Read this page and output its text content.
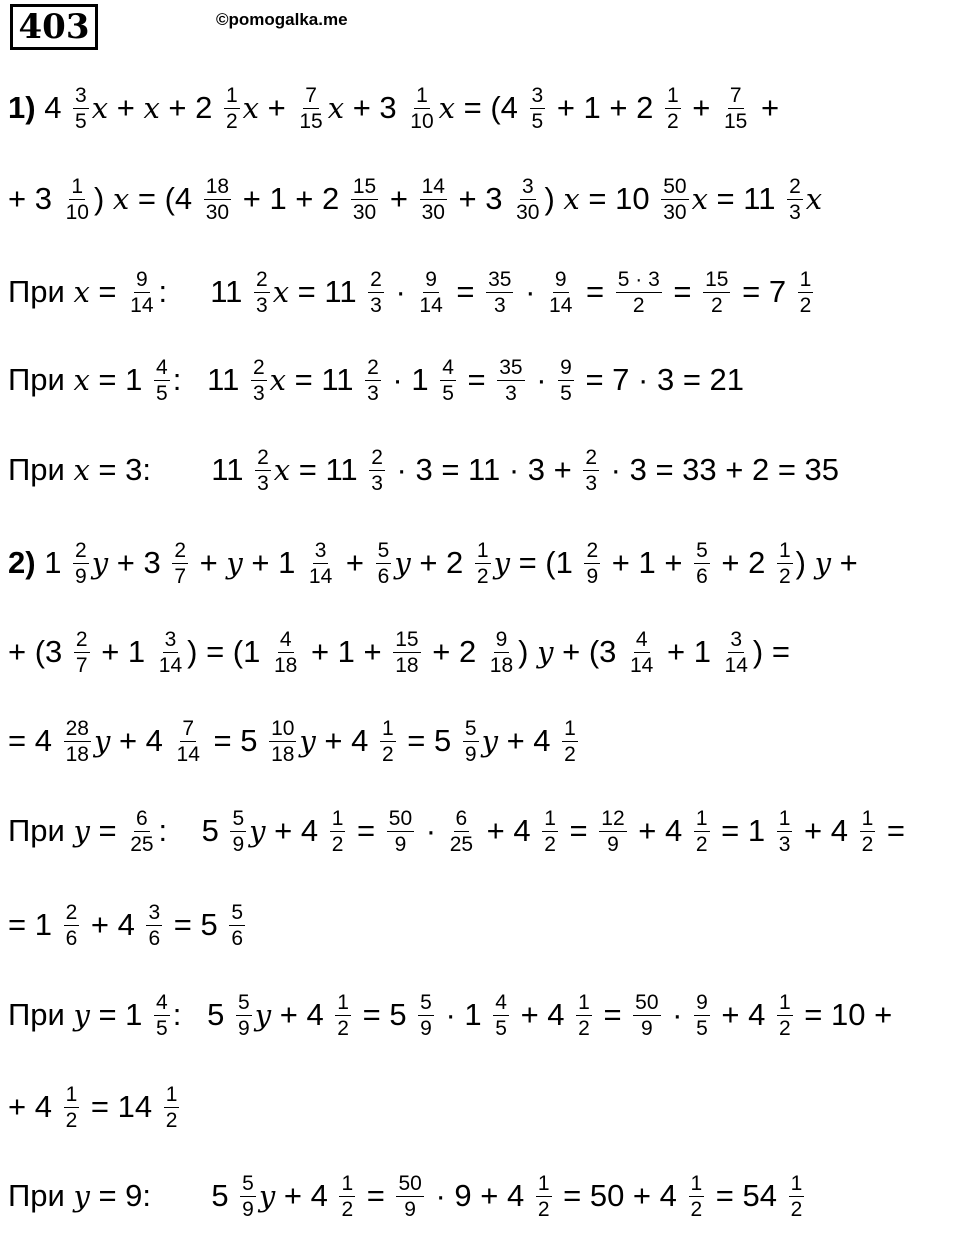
403	©pomogalka.me
1) $4 \frac{3}{5}$ $x + x + 2 \frac{1}{2}$ $x + \frac{7}{15}$ $x + 3 \frac{1}{10}$ $x = (4 \frac{3}{5} + 1 + 2 \frac{1}{2} + \frac{7}{15}$ +
+ $3 \frac{1}{10}$ ) $x = (4 \frac{18}{30} + 1 + 2 \frac{15}{30} + \frac{14}{30} + 3 \frac{3}{30}$ ) $x = 10 \frac{50}{30}$ $x = 11 \frac{2}{3}$ x
При $x = \frac{9}{14}$ :     $11 \frac{2}{3}$ $x = 11 \frac{2}{3} \cdot \frac{9}{14} = \frac{35}{3} \cdot \frac{9}{14} = \frac{5 \cdot 3}{2} = \frac{15}{2} = 7 \frac{1}{2}$
При $x = 1 \frac{4}{5}$ :   $11 \frac{2}{3}$ $x = 11 \frac{2}{3} \cdot 1 \frac{4}{5} = \frac{35}{3} \cdot \frac{9}{5} = 7 \cdot 3 = 21$
При x = 3:       $11 \frac{2}{3}$ $x = 11 \frac{2}{3} \cdot 3 = 11 \cdot 3 + \frac{2}{3} \cdot 3 = 33 + 2 = 35$
2) $1 \frac{2}{9}$ $y + 3 \frac{2}{7} + y + 1 \frac{3}{14} + \frac{5}{6}$ $y + 2 \frac{1}{2}$ $y = (1 \frac{2}{9} + 1 + \frac{5}{6} + 2 \frac{1}{2}$ ) y +
+ ($3 \frac{2}{7} + 1 \frac{3}{14}$ ) = ($1 \frac{4}{18} + 1 + \frac{15}{18} + 2 \frac{9}{18}$ ) $y + (3 \frac{4}{14} + 1 \frac{3}{14}$ ) =
= $4 \frac{28}{18}$ $y + 4 \frac{7}{14} = 5 \frac{10}{18}$ $y + 4 \frac{1}{2} = 5 \frac{5}{9}$ $y + 4 \frac{1}{2}$
При $y = \frac{6}{25}$ :    $5 \frac{5}{9}$ $y + 4 \frac{1}{2} = \frac{50}{9} \cdot \frac{6}{25} + 4 \frac{1}{2} = \frac{12}{9} + 4 \frac{1}{2} = 1 \frac{1}{3} + 4 \frac{1}{2}$ =
= $1 \frac{2}{6} + 4 \frac{3}{6} = 5 \frac{5}{6}$
При $y = 1 \frac{4}{5}$ :   $5 \frac{5}{9}$ $y + 4 \frac{1}{2} = 5 \frac{5}{9} \cdot 1 \frac{4}{5} + 4 \frac{1}{2} = \frac{50}{9} \cdot \frac{9}{5} + 4 \frac{1}{2} = 10$ +
+ $4 \frac{1}{2} = 14 \frac{1}{2}$
При y = 9:       $5 \frac{5}{9}$ $y + 4 \frac{1}{2} = \frac{50}{9} \cdot 9 + 4 \frac{1}{2} = 50 + 4 \frac{1}{2} = 54 \frac{1}{2}$
